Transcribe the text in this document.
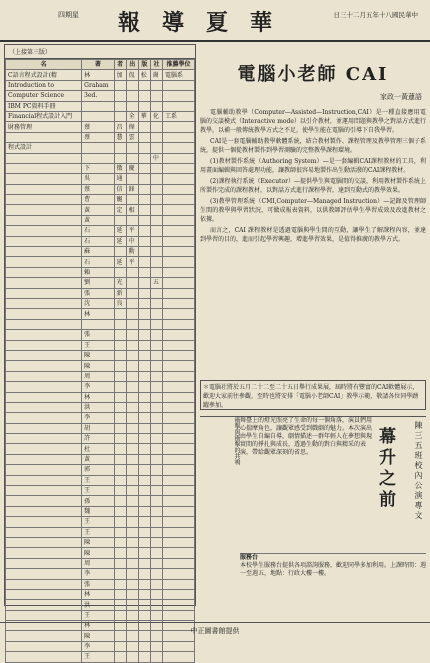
四期星 報導夏華	日三十二月五年十八國民華中
（上接第三版）
名	著	者	出	版	社	推薦學位
C語言程式設計(精	林	加	侃	松	崗	電腦系
Introduction to	Graham					
Computer Science	3ed.					
IBM PC資料手冊						
Financial程式設計入門			全	華	化	工系
財務管理	蔡	昌	燁			
	蔡	慧	雲			
程式設計						
					中	
	下	徵	慶			
	吳	通				
	蔡	信	鋒			
	曹	寵				
	黃	定	相			
	黃					
	石	延	平			
	石	延	中			
	蘇		勳			
	石	延	平			
	賴					
	劉	光			五	
	張	新				
	沈	良				
	林					

	張					
	王					
	陳					
	陳					
	周					
	李					
	林					
	洪					
	李					
	胡					
	許					
	杜					
	黃					
	郭					
	王					
	王					
	孫					
	魏					
	王					
	王					
	陳					
	陳					
	周					
	李					
	張					
	林					
	洪					
	王					
	林					
	陳					
	李					
	王					
電腦小老師 CAI
家政一黃蓮語

電腦輔助教學（Computer—Assisted—Instruction,CAI）是一種直接應用電腦的交談模式（Interactive mode）以引介教材，並運用問題與教學之對話方式進行教學，以補一般傳統教學方式之不足，使學生能在電腦的引導下自我學習。

CAI是一套電腦輔助教學軟體系統，結合教材製作、課程管理及教學管理三個子系統，提供一個從教材製作到學習測驗的完整教學課程環境。

(1)教材製作系統（Authoring System）—是一套編輯CAI課程教材的工具，利用畫面編輯與回答處理功能，讓教師很容易地製作出生動活潑的CAI課程教材。

(2)課程執行系統（Executor）—提供學生與電腦間的交談，利用教材製作系統上所製作完成的課程教材，以對話方式進行課程學習，達到互動式的教學效果。

(3)教學管理系統（CMI,Computer—Managed Instruction）—記錄及管理師生間的教學與學習狀況，可做成報表資料，以供教師評估學生學習成效及改進教材之依據。

而言之，CAI 課程教材是透過電腦與學生間的互動，讓學生了解課程內容，並達到學習的目的，進而引起學習興趣，增進學習效果，是值得推廣的教學方式。

＊電腦社將於五月二十二至二十五日舉行成果展，屆時將有豐富的CAI軟體展示，歡迎大家前往參觀，至時也將安排「電腦小老師CAI」教學示範，敬請各位同學踴躍參加。
衝擊與衝擊的共鳴 舞臺上的燈光照亮了生命的每一個角落，演員們用心揣摩角色，讓觀眾感受到戲劇的魅力。本次演出由學生自編自導，劇情描述一群年輕人在夢想與現實間的掙扎與成長，透過生動的對白與精采的表演，帶給觀眾深刻的省思。	幕升之前	陳三五班校內公演專文
服務台
本校學生服務台提供各項諮詢服務，歡迎同學多加利用。上課時間：週一至週五，地點：行政大樓一樓。
中正圖書館提供
